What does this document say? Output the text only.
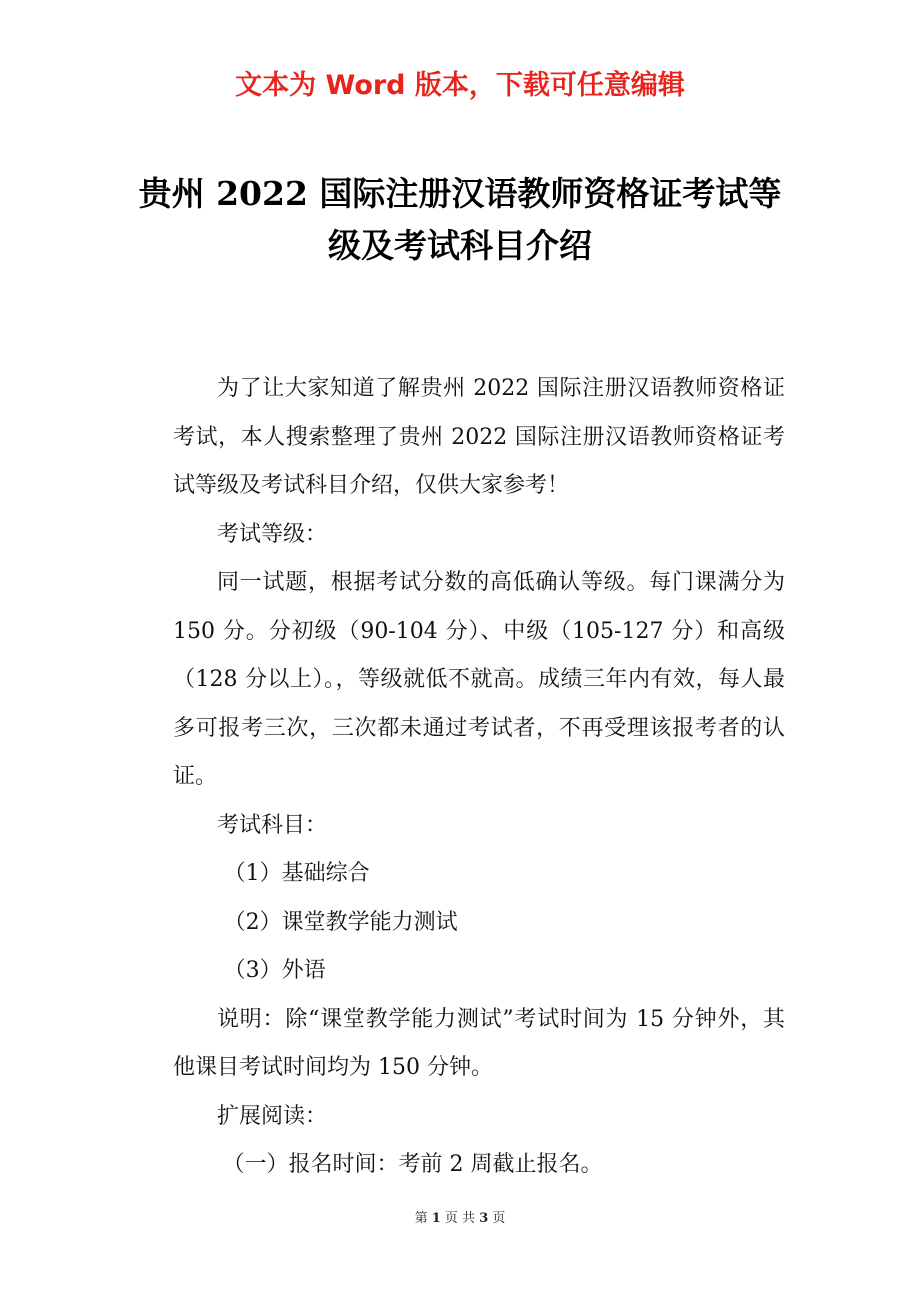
文本为 Word 版本，下载可任意编辑
贵州 2022 国际注册汉语教师资格证考试等
级及考试科目介绍

为了让大家知道了解贵州 2022 国际注册汉语教师资格证考试，本人搜索整理了贵州 2022 国际注册汉语教师资格证考试等级及考试科目介绍，仅供大家参考！

考试等级：

同一试题，根据考试分数的高低确认等级。每门课满分为 150 分。分初级（90-104 分）、中级（105-127 分）和高级（128 分以上）。，等级就低不就高。成绩三年内有效，每人最多可报考三次，三次都未通过考试者，不再受理该报考者的认证。

考试科目：

（1）基础综合

（2）课堂教学能力测试

（3）外语

说明：除“课堂教学能力测试”考试时间为 15 分钟外，其他课目考试时间均为 150 分钟。

扩展阅读：

（一）报名时间：考前 2 周截止报名。

第 1 页 共 3 页
